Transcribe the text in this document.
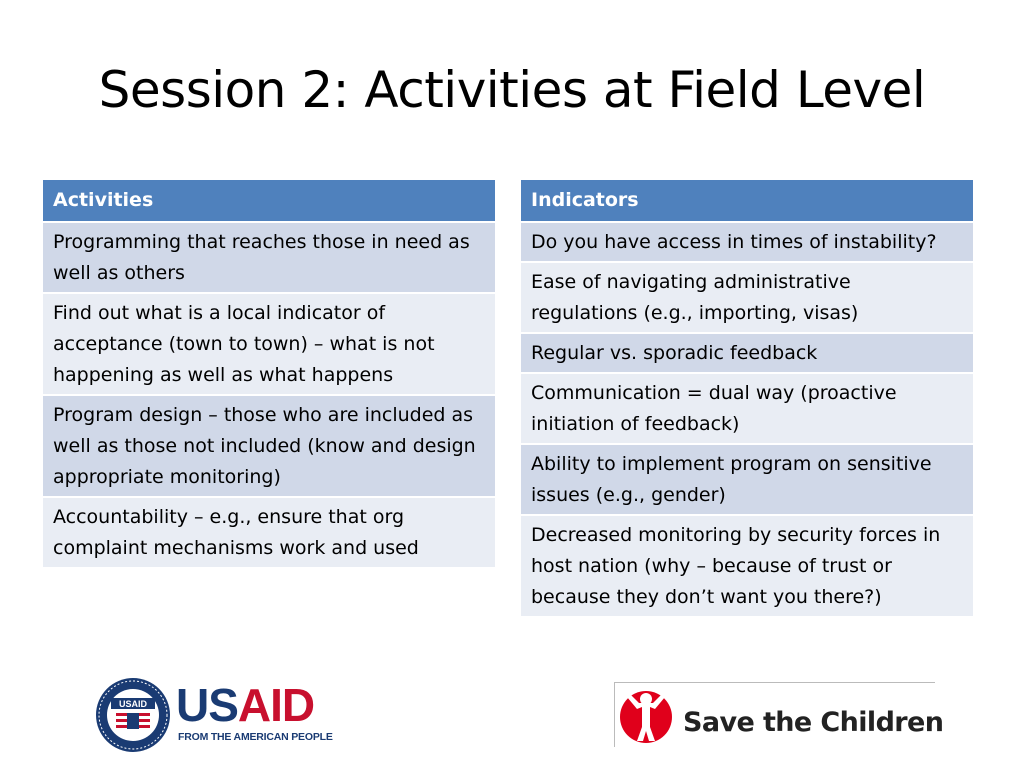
Session 2: Activities at Field Level
Activities
Programming that reaches those in need as well as others
Find out what is a local indicator of acceptance (town to town) – what is not happening as well as what happens
Program design – those who are included as well as those not included (know and design appropriate monitoring)
Accountability – e.g., ensure that org complaint mechanisms work and used
Indicators
Do you have access in times of instability?
Ease of navigating administrative regulations (e.g., importing, visas)
Regular vs. sporadic feedback
Communication = dual way (proactive initiation of feedback)
Ability to implement program on sensitive issues (e.g., gender)
Decreased monitoring by security forces in host nation (why – because of trust or because they don’t want you there?)
USAID USAID
FROM THE AMERICAN PEOPLE	Save the Children
